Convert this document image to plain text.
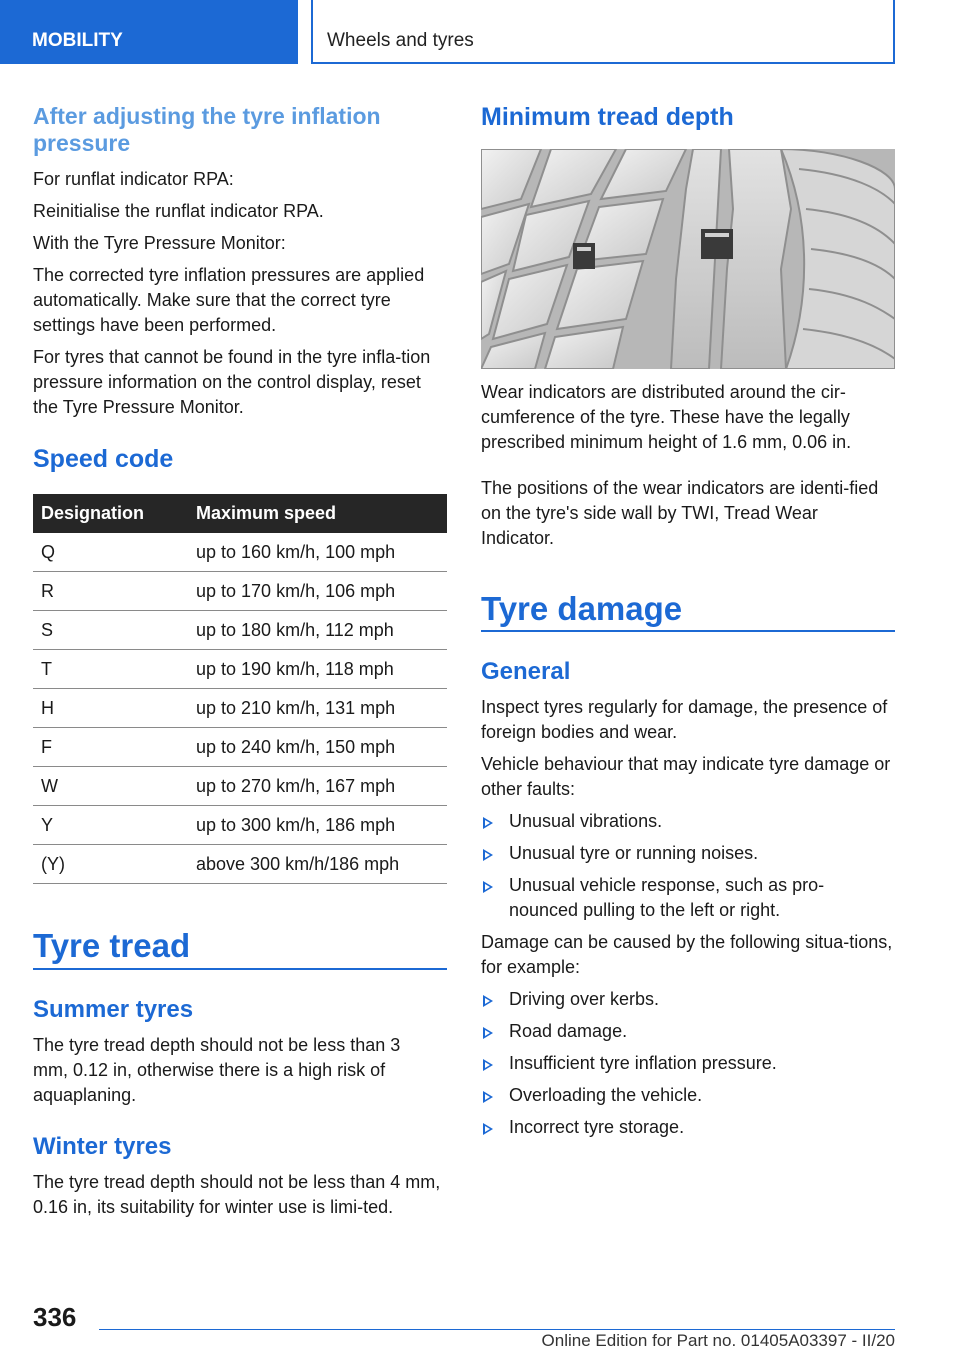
MOBILITY	Wheels and tyres
After adjusting the tyre inflation pressure

For runflat indicator RPA:

Reinitialise the runflat indicator RPA.

With the Tyre Pressure Monitor:

The corrected tyre inflation pressures are applied automatically. Make sure that the correct tyre settings have been performed.

For tyres that cannot be found in the tyre infla-tion pressure information on the control display, reset the Tyre Pressure Monitor.

Speed code
Designation	Maximum speed
Q	up to 160 km/h, 100 mph
R	up to 170 km/h, 106 mph
S	up to 180 km/h, 112 mph
T	up to 190 km/h, 118 mph
H	up to 210 km/h, 131 mph
F	up to 240 km/h, 150 mph
W	up to 270 km/h, 167 mph
Y	up to 300 km/h, 186 mph
(Y)	above 300 km/h/186 mph
Tyre tread
Summer tyres

The tyre tread depth should not be less than 3 mm, 0.12 in, otherwise there is a high risk of aquaplaning.

Winter tyres

The tyre tread depth should not be less than 4 mm, 0.16 in, its suitability for winter use is limi-ted.

Minimum tread depth

Wear indicators are distributed around the cir-cumference of the tyre. These have the legally prescribed minimum height of 1.6 mm, 0.06 in.

The positions of the wear indicators are identi-fied on the tyre's side wall by TWI, Tread Wear Indicator.

Tyre damage
General

Inspect tyres regularly for damage, the presence of foreign bodies and wear.

Vehicle behaviour that may indicate tyre damage or other faults:

Unusual vibrations.
Unusual tyre or running noises.
Unusual vehicle response, such as pro-nounced pulling to the left or right.

Damage can be caused by the following situa-tions, for example:

Driving over kerbs.
Road damage.
Insufficient tyre inflation pressure.
Overloading the vehicle.
Incorrect tyre storage.
336
Online Edition for Part no. 01405A03397 - II/20
